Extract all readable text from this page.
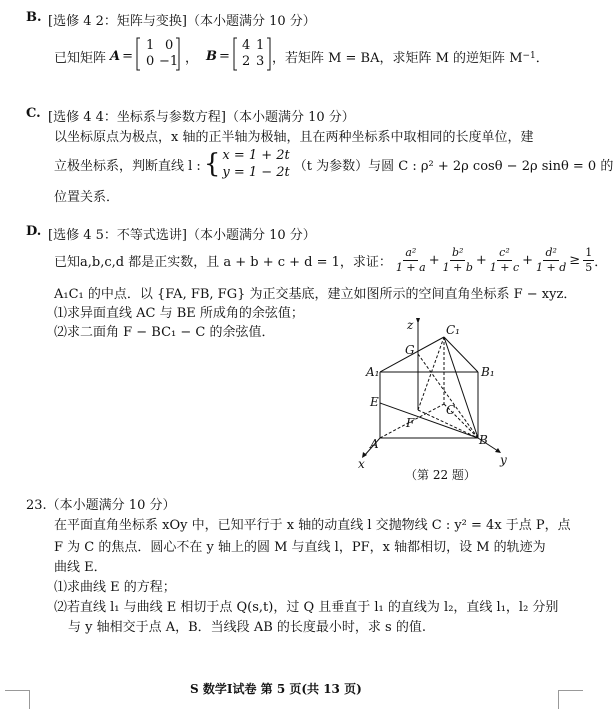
B. [选修 4 2：矩阵与变换]（本小题满分 10 分）
已知矩阵 A =
1 0
0 −1 ， B =
4 1
2 3 ，若矩阵 M = BA，求矩阵 M 的逆矩阵 M −1 ．
C. [选修 4 4：坐标系与参数方程]（本小题满分 10 分）
以坐标原点为极点，x 轴的正半轴为极轴，且在两种坐标系中取相同的长度单位，建
立极坐标系，判断直线 l : { x = 1 + 2t
y = 1 − 2t （t 为参数）与圆 C : ρ² + 2ρ cosθ − 2ρ sinθ = 0 的
位置关系．
D. [选修 4 5：不等式选讲]（本小题满分 10 分）
已知a,b,c,d 都是正实数，且 a + b + c + d = 1，求证： $\frac{\text{a²}}{1 + a} + \frac{\text{b²}}{1 + b} + \frac{\text{c²}}{1 + c} + \frac{\text{d²}}{1 + d} \ge \frac{1}{5}$ ．
A₁C₁ 的中点．以 {FA, FB, FG} 为正交基底，建立如图所示的空间直角坐标系 F − xyz．
⑴求异面直线 AC 与 BE 所成角的余弦值；
⑵求二面角 F − BC₁ − C 的余弦值．	z	C₁
G
A₁	B₁
E
C
F
A	B
x	y
（第 22 题）
23.（本小题满分 10 分）
在平面直角坐标系 xOy 中，已知平行于 x 轴的动直线 l 交抛物线 C : y² = 4x 于点 P，点
F 为 C 的焦点．圆心不在 y 轴上的圆 M 与直线 l，PF，x 轴都相切，设 M 的轨迹为
曲线 E．
⑴求曲线 E 的方程；
⑵若直线 l₁ 与曲线 E 相切于点 Q(s,t)，过 Q 且垂直于 l₁ 的直线为 l₂，直线 l₁，l₂ 分别
与 y 轴相交于点 A，B．当线段 AB 的长度最小时，求 s 的值.
S 数学Ⅰ试卷 第 5 页(共 13 页)
